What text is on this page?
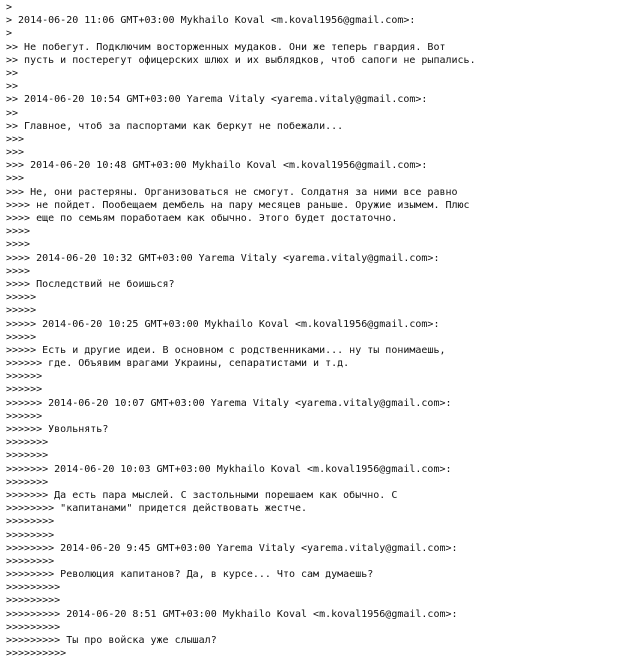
>
> 2014-06-20 11:06 GMT+03:00 Mykhailo Koval <m.koval1956@gmail.com>:
>
>> Не побегут. Подключим восторженных мудаков. Они же теперь гвардия. Вот
>> пусть и постерегут офицерских шлюх и их выблядков, чтоб сапоги не рыпались.
>>
>>
>> 2014-06-20 10:54 GMT+03:00 Yarema Vitaly <yarema.vitaly@gmail.com>:
>>
>> Главное, чтоб за паспортами как беркут не побежали...
>>>
>>>
>>> 2014-06-20 10:48 GMT+03:00 Mykhailo Koval <m.koval1956@gmail.com>:
>>>
>>> Не, они растеряны. Организоваться не смогут. Солдатня за ними все равно
>>>> не пойдет. Пообещаем дембель на пару месяцев раньше. Оружие изымем. Плюс
>>>> еще по семьям поработаем как обычно. Этого будет достаточно.
>>>>
>>>>
>>>> 2014-06-20 10:32 GMT+03:00 Yarema Vitaly <yarema.vitaly@gmail.com>:
>>>>
>>>> Последствий не боишься?
>>>>>
>>>>>
>>>>> 2014-06-20 10:25 GMT+03:00 Mykhailo Koval <m.koval1956@gmail.com>:
>>>>>
>>>>> Есть и другие идеи. В основном с родственниками... ну ты понимаешь,
>>>>>> где. Объявим врагами Украины, сепаратистами и т.д.
>>>>>>
>>>>>>
>>>>>> 2014-06-20 10:07 GMT+03:00 Yarema Vitaly <yarema.vitaly@gmail.com>:
>>>>>>
>>>>>> Увольнять?
>>>>>>>
>>>>>>>
>>>>>>> 2014-06-20 10:03 GMT+03:00 Mykhailo Koval <m.koval1956@gmail.com>:
>>>>>>>
>>>>>>> Да есть пара мыслей. С застольными порешаем как обычно. С
>>>>>>>> "капитанами" придется действовать жестче.
>>>>>>>>
>>>>>>>>
>>>>>>>> 2014-06-20 9:45 GMT+03:00 Yarema Vitaly <yarema.vitaly@gmail.com>:
>>>>>>>>
>>>>>>>> Революция капитанов? Да, в курсе... Что сам думаешь?
>>>>>>>>>
>>>>>>>>>
>>>>>>>>> 2014-06-20 8:51 GMT+03:00 Mykhailo Koval <m.koval1956@gmail.com>:
>>>>>>>>>
>>>>>>>>> Ты про войска уже слышал?
>>>>>>>>>>
